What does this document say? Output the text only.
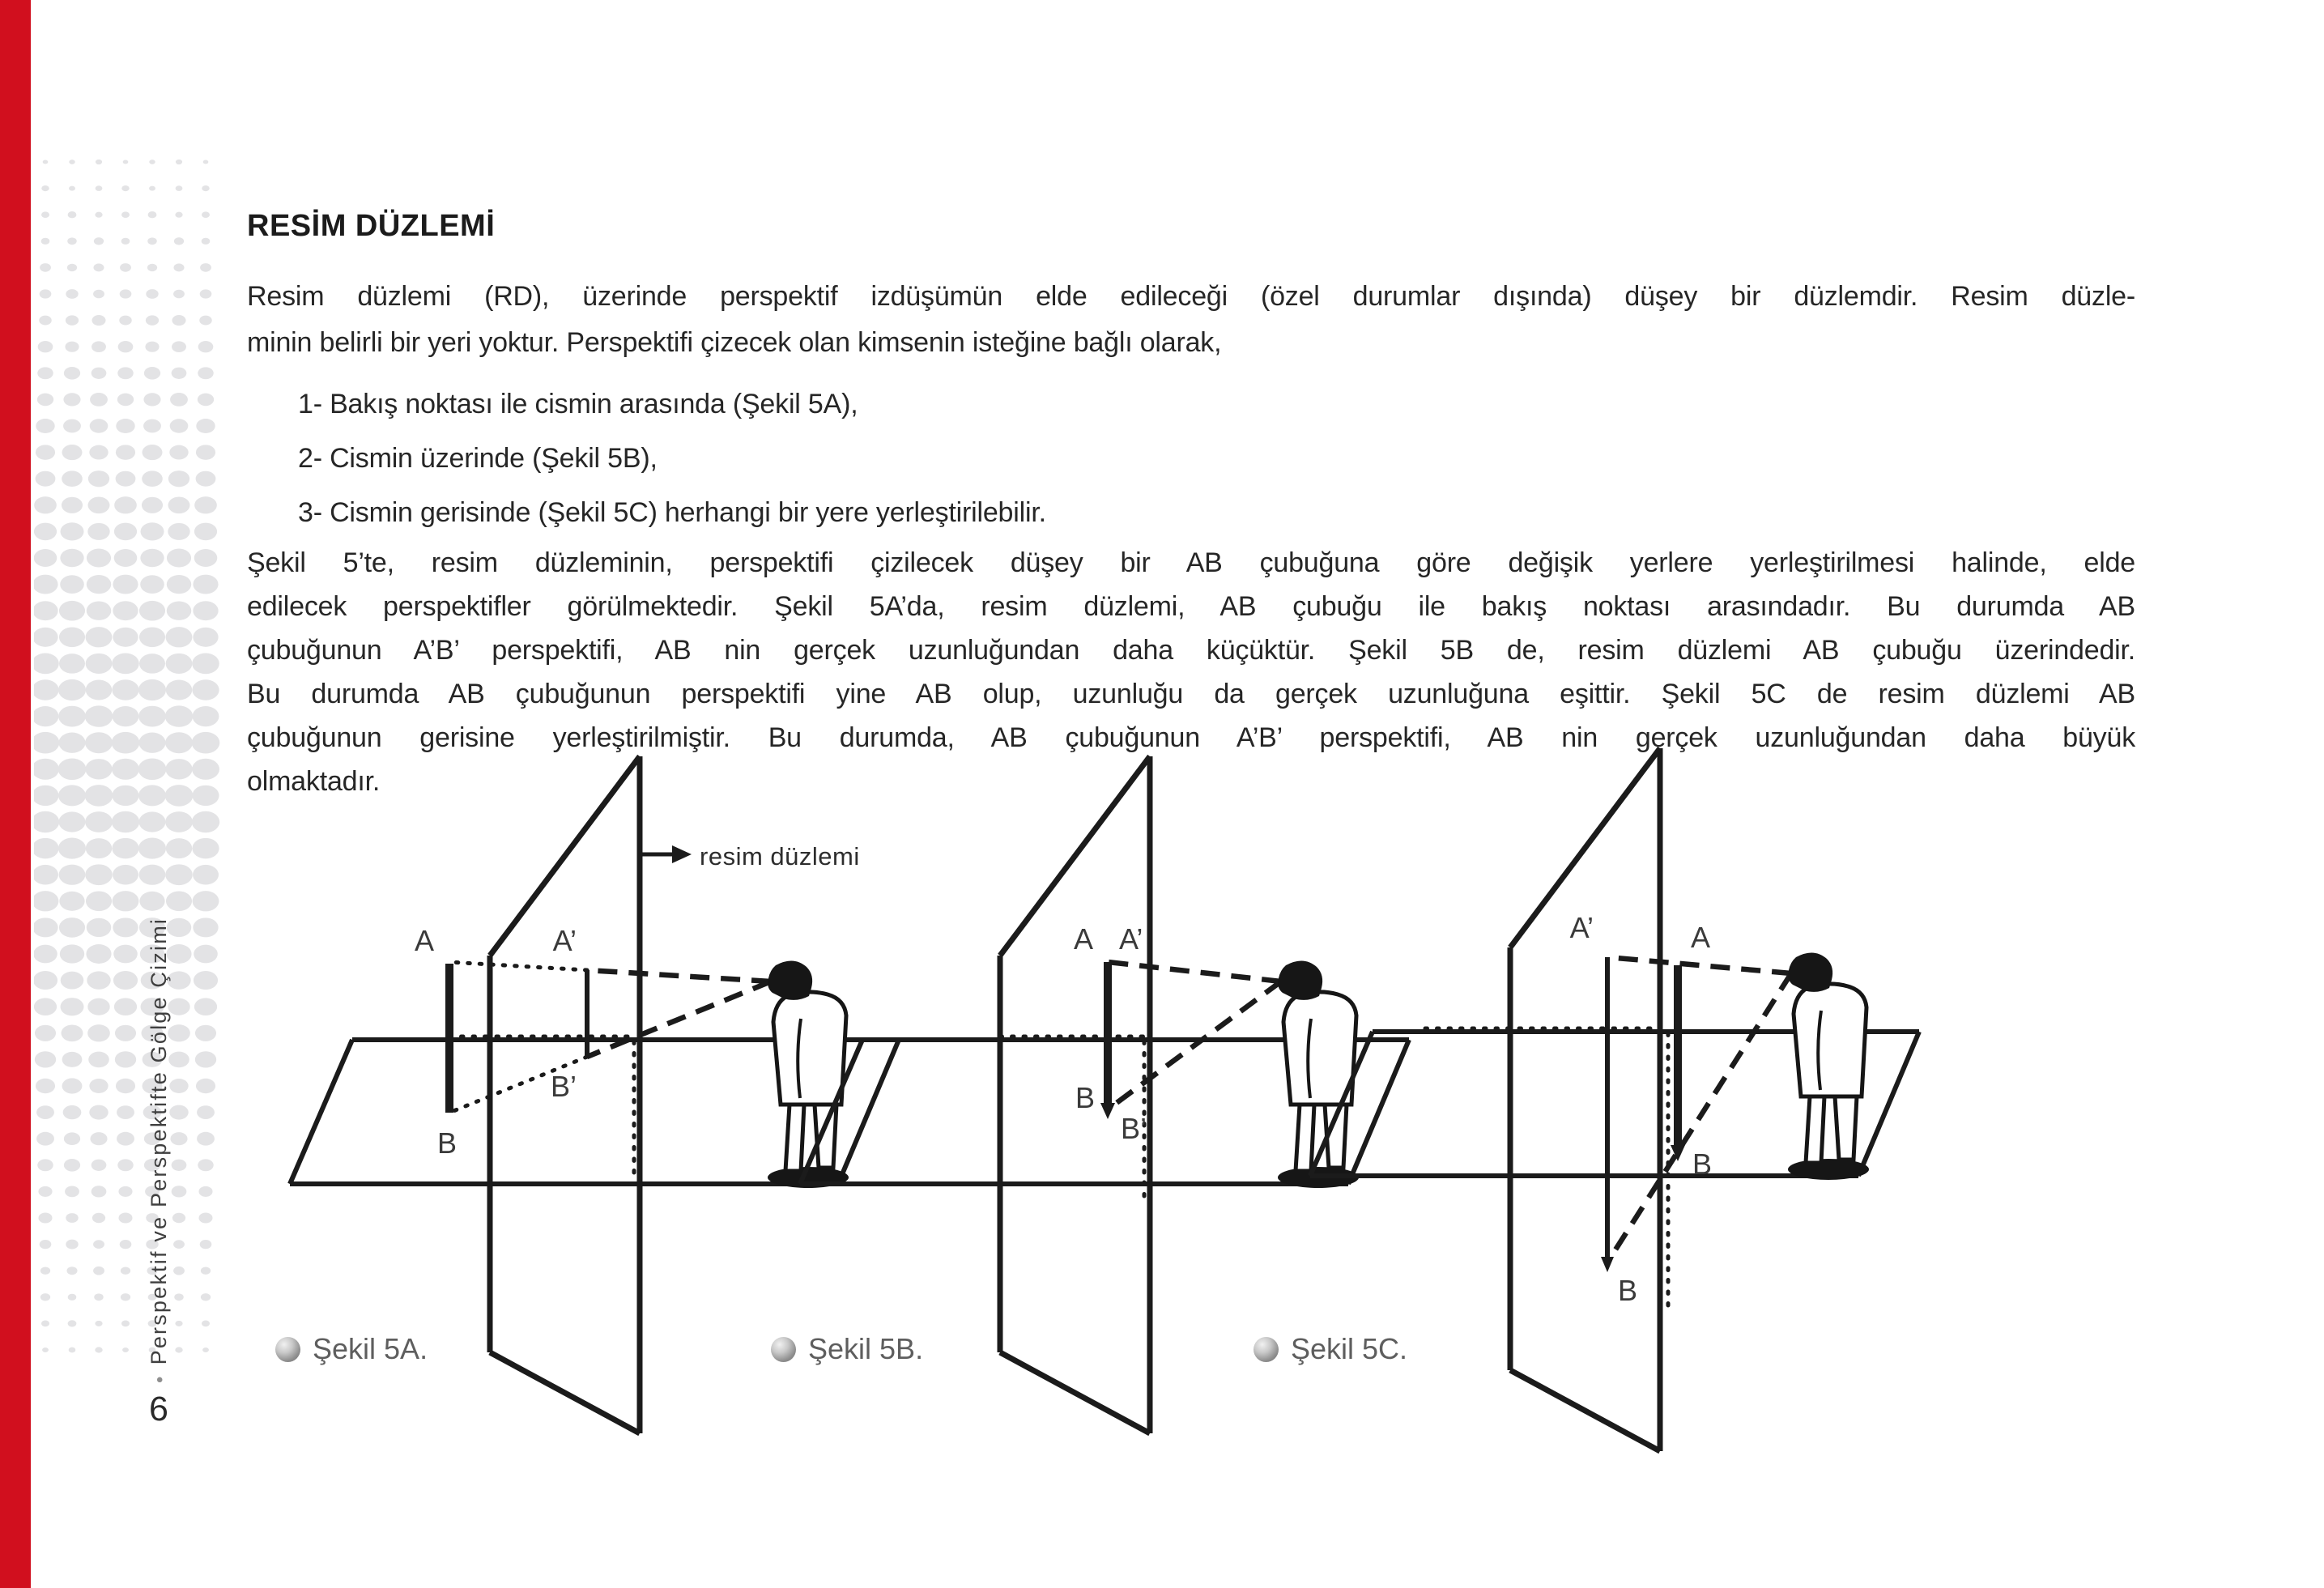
•Perspektif ve Perspektifte Gölge Çizimi
6
RESİM DÜZLEMİ
Resim düzlemi (RD), üzerinde perspektif izdüşümün elde edileceği (özel durumlar dışında) düşey bir düzlemdir. Resim düzle-
minin belirli bir yeri yoktur. Perspektifi çizecek olan kimsenin isteğine bağlı olarak,
1- Bakış noktası ile cismin arasında (Şekil 5A),
2- Cismin üzerinde (Şekil 5B),
3- Cismin gerisinde (Şekil 5C) herhangi bir yere yerleştirilebilir.
Şekil 5’te, resim düzleminin, perspektifi çizilecek düşey bir AB çubuğuna göre değişik yerlere yerleştirilmesi halinde, elde
edilecek perspektifler görülmektedir. Şekil 5A’da, resim düzlemi, AB çubuğu ile bakış noktası arasındadır. Bu durumda AB
çubuğunun A’B’ perspektifi, AB nin gerçek uzunluğundan daha küçüktür. Şekil 5B de, resim düzlemi AB çubuğu üzerindedir.
Bu durumda AB çubuğunun perspektifi yine AB olup, uzunluğu da gerçek uzunluğuna eşittir. Şekil 5C de resim düzlemi AB
çubuğunun gerisine yerleştirilmiştir. Bu durumda, AB çubuğunun A’B’ perspektifi, AB nin gerçek uzunluğundan daha büyük
olmaktadır.
resim düzlemi
A	A’
B
B’
A A’
B
B’
A’	A
B
B
Şekil 5A.	Şekil 5B.	Şekil 5C.
